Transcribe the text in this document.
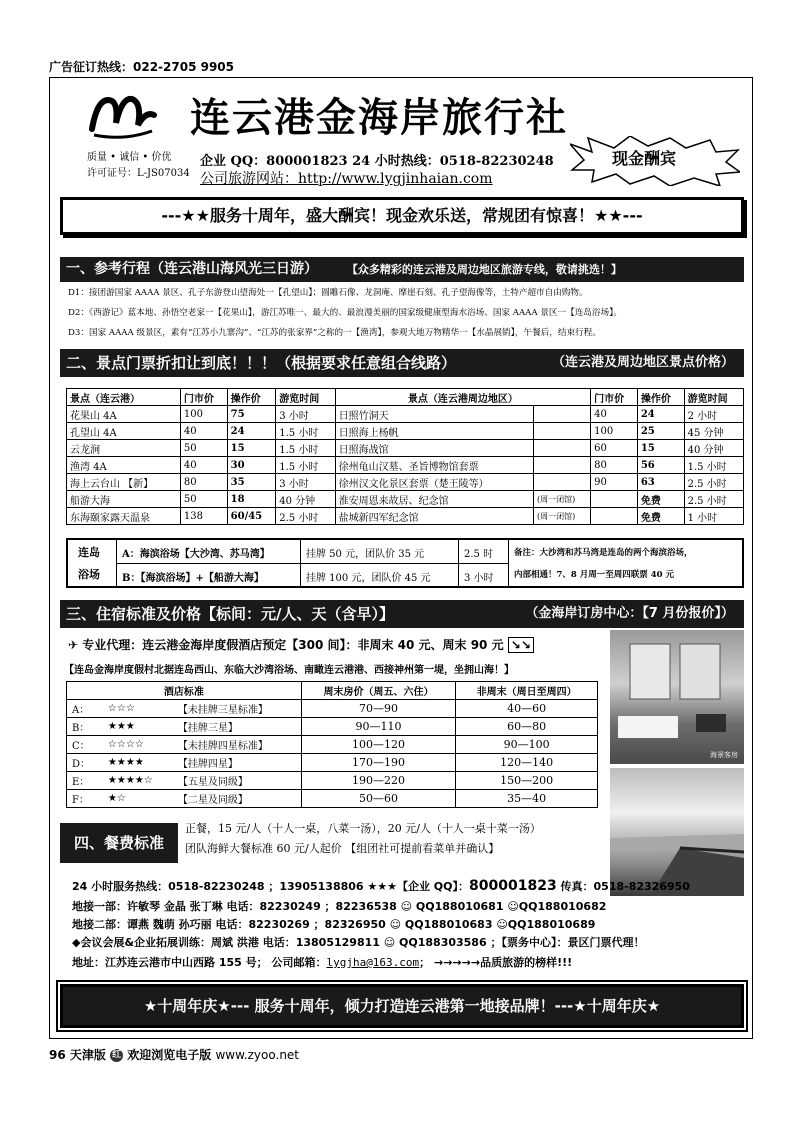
广告征订热线：022-2705 9905
连云港金海岸旅行社
质量 • 诚信 • 价优
许可证号：L-JS07034
企业 QQ：800001823 24 小时热线：0518-82230248
公司旅游网站：http://www.lygjinhaian.com
现金酬宾
---★★服务十周年，盛大酬宾！现金欢乐送，常规团有惊喜！★★---
一、参考行程（连云港山海风光三日游）	【众多精彩的连云港及周边地区旅游专线，敬请挑选！】
D1：接团游国家 AAAA 景区、孔子东游登山望海处一【孔望山】；圆雕石像、龙洞庵、摩崖石刻、孔子望海像等，土特产超市自由购物。
D2：《西游记》蓝本地、孙悟空老家一【花果山】，游江苏唯一、最大的、最浪漫美丽的国家级健康型海水浴场、国家 AAAA 景区一【连岛浴场】。
D3：国家 AAAA 级景区，素有“江苏小九寨沟”、“江苏的张家界”之称的一【渔湾】，参观大地万物精华一【水晶展销】，午餐后，结束行程。
二、景点门票折扣让到底！！！（根据要求任意组合线路）	（连云港及周边地区景点价格）
景点（连云港）	门市价	操作价	游览时间	景点（连云港周边地区）		门市价	操作价	游览时间
花果山 4A	100	75	3 小时	日照竹洞天		40	24	2 小时
孔望山 4A	40	24	1.5 小时	日照海上杨帆		100	25	45 分钟
云龙涧	50	15	1.5 小时	日照海战馆		60	15	40 分钟
渔湾 4A	40	30	1.5 小时	徐州龟山汉墓、圣旨博物馆套票		80	56	1.5 小时
海上云台山 【新】	80	35	3 小时	徐州汉文化景区套票（楚王陵等）		90	63	2.5 小时
船游大海	50	18	40 分钟	淮安周恩来故居、纪念馆	(周一闭馆)		免费	2.5 小时
东海颐家露天温泉	138	60/45	2.5 小时	盐城新四军纪念馆	(周一闭馆)		免费	1 小时
连岛
浴场
A：海滨浴场【大沙湾、苏马湾】	挂牌 50 元，团队价 35 元	2.5 时
B：【海滨浴场】+【船游大海】	挂牌 100 元，团队价 45 元	3 小时
备注：大沙湾和苏马湾是连岛的两个海滨浴场，
内部相通！7、8 月周一至周四联票 40 元
三、住宿标准及价格【标间：元/人、天（含早）】	（金海岸订房中心：【7 月份报价】）
✈ 专业代理：连云港金海岸度假酒店预定【300 间】：非周末 40 元、周末 90 元 ↘↘
【连岛金海岸度假村北据连岛西山、东临大沙湾浴场、南瞰连云港港、西接神州第一堤，坐拥山海！】
酒店标准			周末房价（周五、六住）	非周末（周日至周四）
A：	☆☆☆	【未挂牌三星标准】	70—90	40—60
B：	★★★	【挂牌三星】	90—110	60—80
C：	☆☆☆☆	【未挂牌四星标准】	100—120	90—100
D：	★★★★	【挂牌四星】	170—190	120—140
E：	★★★★☆	【五星及同级】	190—220	150—200
F：	★☆	【二星及同级】	50—60	35—40
海景客房
四、餐费标准
正餐，15 元/人（十人一桌，八菜一汤），20 元/人（十人一桌十菜一汤）
团队海鲜大餐标准 60 元/人起价 【组团社可提前看菜单并确认】
24 小时服务热线：0518-82230248 ；13905138806 ★★★【企业 QQ】：800001823 传真：0518-82326950
地接一部：许敏琴 金晶 张丁琳 电话：82230249 ；82236538 ☺ QQ188010681 ☺QQ188010682
地接二部：谭燕 魏萌 孙巧丽 电话：82230269 ；82326950 ☺ QQ188010683 ☺QQ188010689
◆会议会展&企业拓展训练：周斌 洪港 电话：13805129811 ☺ QQ188303586 ；【票务中心】：景区门票代理！
地址：江苏连云港市中山西路 155 号； 公司邮箱：lygjha@163.com； →→→→→品质旅游的榜样!!!
★十周年庆★--- 服务十周年，倾力打造连云港第一地接品牌！---★十周年庆★
96 天津版 红 欢迎浏览电子版 www.zyoo.net
